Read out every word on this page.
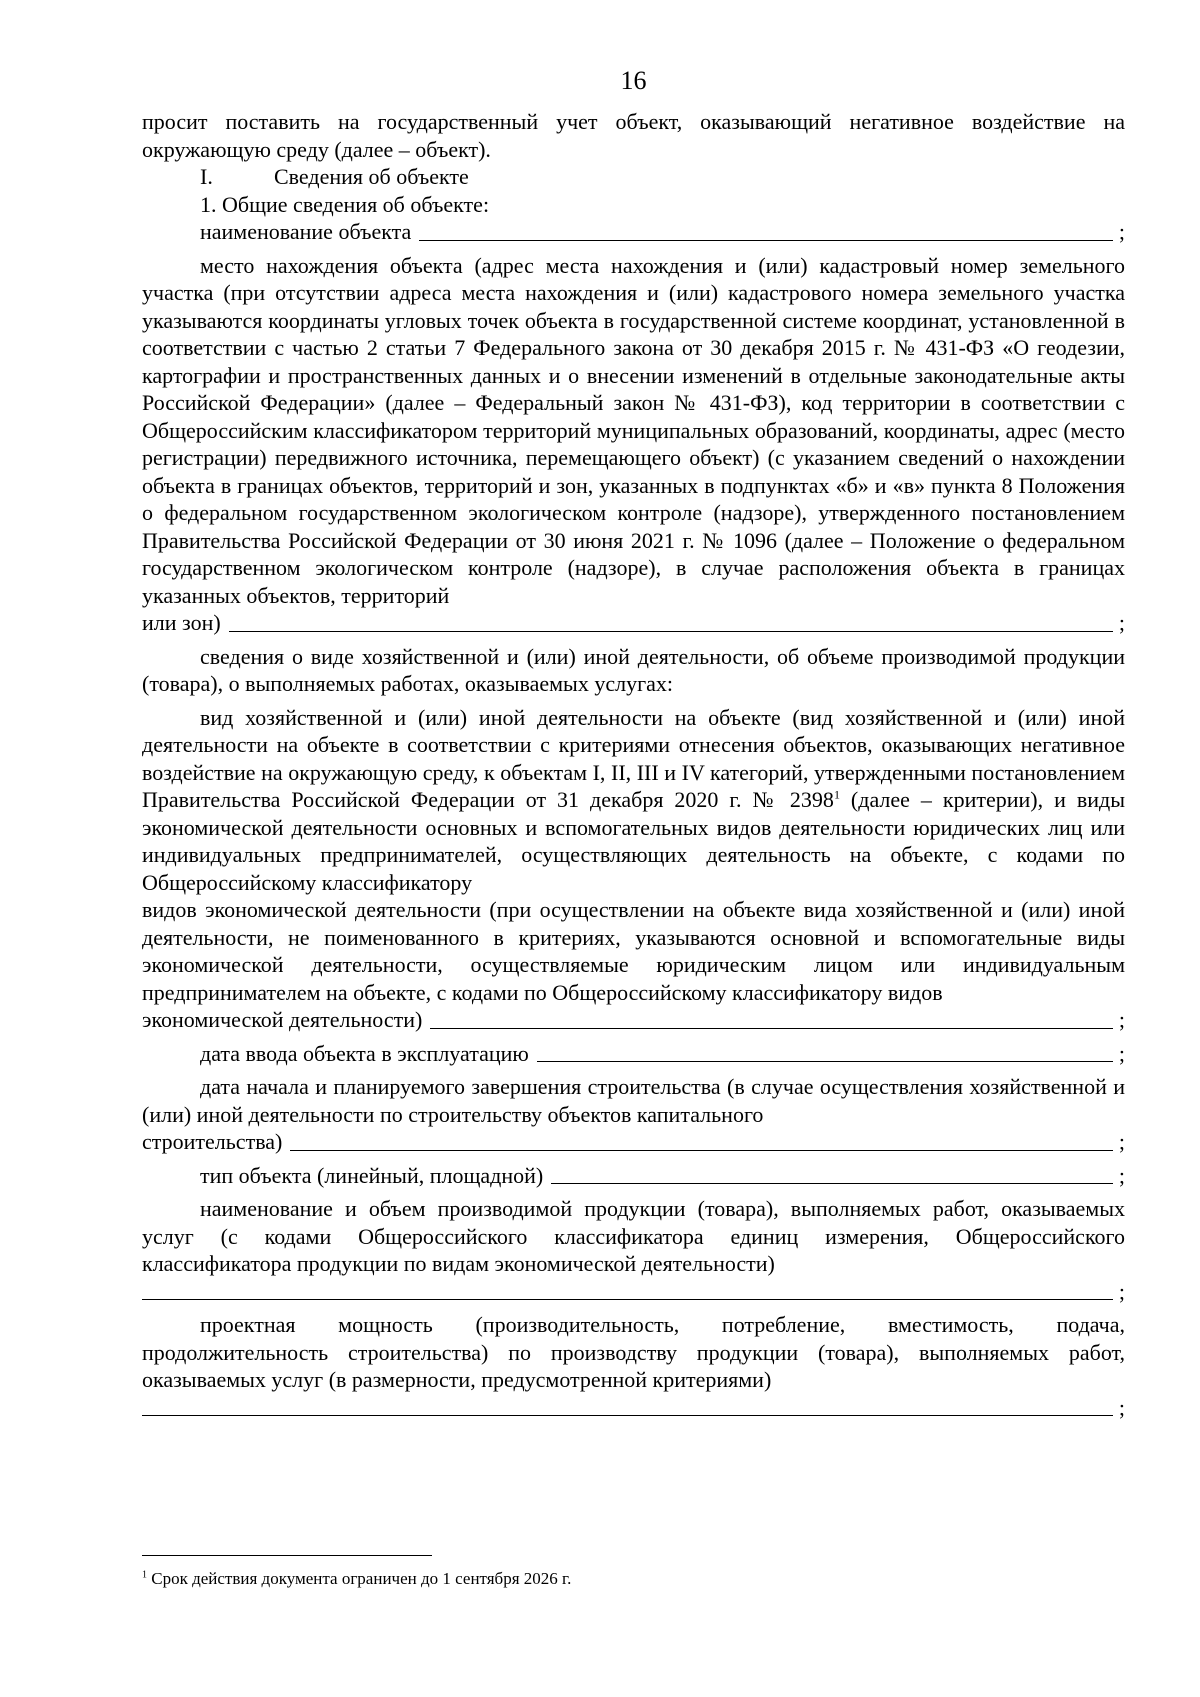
16

просит поставить на государственный учет объект, оказывающий негативное воздействие на окружающую среду (далее – объект).

I.	Сведения об объекте
1. Общие сведения об объекте:
наименование объекта	;

место нахождения объекта (адрес места нахождения и (или) кадастровый номер земельного участка (при отсутствии адреса места нахождения и (или) кадастрового номера земельного участка указываются координаты угловых точек объекта в государственной системе координат, установленной в соответствии с частью 2 статьи 7 Федерального закона от 30 декабря 2015 г. № 431-ФЗ «О геодезии, картографии и пространственных данных и о внесении изменений в отдельные законодательные акты Российской Федерации» (далее – Федеральный закон № 431-ФЗ), код территории в соответствии с Общероссийским классификатором территорий муниципальных образований, координаты, адрес (место регистрации) передвижного источника, перемещающего объект) (с указанием сведений о нахождении объекта в границах объектов, территорий и зон, указанных в подпунктах «б» и «в» пункта 8 Положения о федеральном государственном экологическом контроле (надзоре), утвержденного постановлением Правительства Российской Федерации от 30 июня 2021 г. № 1096 (далее – Положение о федеральном государственном экологическом контроле (надзоре), в случае расположения объекта в границах указанных объектов, территорий

или зон)	;

сведения о виде хозяйственной и (или) иной деятельности, об объеме производимой продукции (товара), о выполняемых работах, оказываемых услугах:

вид хозяйственной и (или) иной деятельности на объекте (вид хозяйственной и (или) иной деятельности на объекте в соответствии с критериями отнесения объектов, оказывающих негативное воздействие на окружающую среду, к объектам I, II, III и IV категорий, утвержденными постановлением Правительства Российской Федерации от 31 декабря 2020 г. № 2398$^1$ (далее – критерии), и виды экономической деятельности основных и вспомогательных видов деятельности юридических лиц или индивидуальных предпринимателей, осуществляющих деятельность на объекте, с кодами по Общероссийскому классификатору

видов экономической деятельности (при осуществлении на объекте вида хозяйственной и (или) иной деятельности, не поименованного в критериях, указываются основной и вспомогательные виды экономической деятельности, осуществляемые юридическим лицом или индивидуальным предпринимателем на объекте, с кодами по Общероссийскому классификатору видов

экономической деятельности)	;
дата ввода объекта в эксплуатацию	;

дата начала и планируемого завершения строительства (в случае осуществления хозяйственной и (или) иной деятельности по строительству объектов капитального

строительства)	;
тип объекта (линейный, площадной)	;

наименование и объем производимой продукции (товара), выполняемых работ, оказываемых услуг (с кодами Общероссийского классификатора единиц измерения, Общероссийского классификатора продукции по видам экономической деятельности)

;

проектная мощность (производительность, потребление, вместимость, подача, продолжительность строительства) по производству продукции (товара), выполняемых работ, оказываемых услуг (в размерности, предусмотренной критериями)

;
$^1$ Срок действия документа ограничен до 1 сентября 2026 г.
